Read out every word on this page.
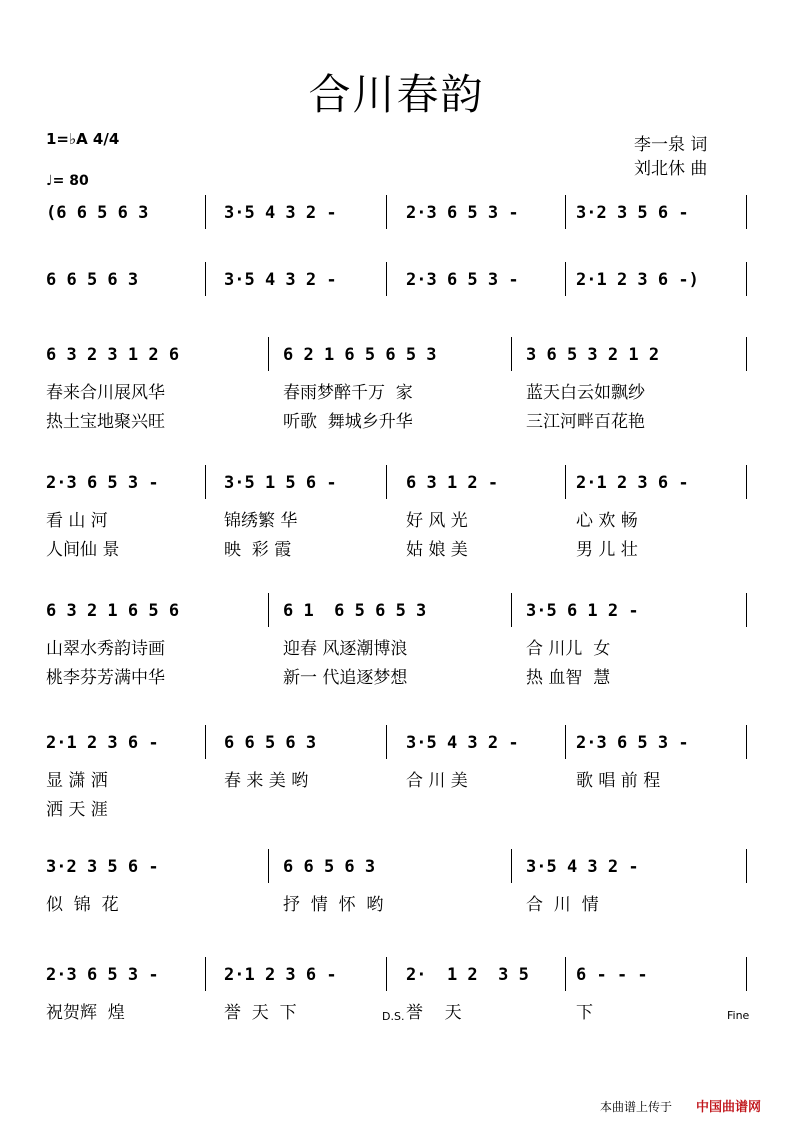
合川春韵
1=♭A 4/4
♩= 80
李一泉 词
刘北休 曲
(6 6 5 6 3	3·5 4 3 2 -	2·3 6 5 3 -	3·2 3 5 6 -
6 6 5 6 3	3·5 4 3 2 -	2·3 6 5 3 -	2·1 2 3 6 -)
6 3 2 3 1 2 6	6 2 1 6 5 6 5 3	3 6 5 3 2 1 2
春来合川展风华	春雨梦醉千万  家	蓝天白云如飘纱
热土宝地聚兴旺	听歌  舞城乡升华	三江河畔百花艳
2·3 6 5 3 -	3·5 1 5 6 -	6 3 1 2 -	2·1 2 3 6 -
看 山 河	锦绣繁 华	好 风 光	心 欢 畅
人间仙 景	映  彩 霞	姑 娘 美	男 儿 壮
6 3 2 1 6 5 6	6 1  6 5 6 5 3	3·5 6 1 2 -
山翠水秀韵诗画	迎春 风逐潮博浪	合 川儿  女
桃李芬芳满中华	新一 代追逐梦想	热 血智  慧
2·1 2 3 6 -	6 6 5 6 3	3·5 4 3 2 -	2·3 6 5 3 -
显 潇 洒	春 来 美 哟	合 川 美	歌 唱 前 程
洒 天 涯
3·2 3 5 6 -	6 6 5 6 3	3·5 4 3 2 -
似  锦  花	抒  情  怀  哟	合  川  情
2·3 6 5 3 -	2·1 2 3 6 -	2·  1 2  3 5	6 - - -
祝贺辉  煌	誉  天  下	誉    天	下
D.S.	Fine
本曲谱上传于 中国曲谱网
